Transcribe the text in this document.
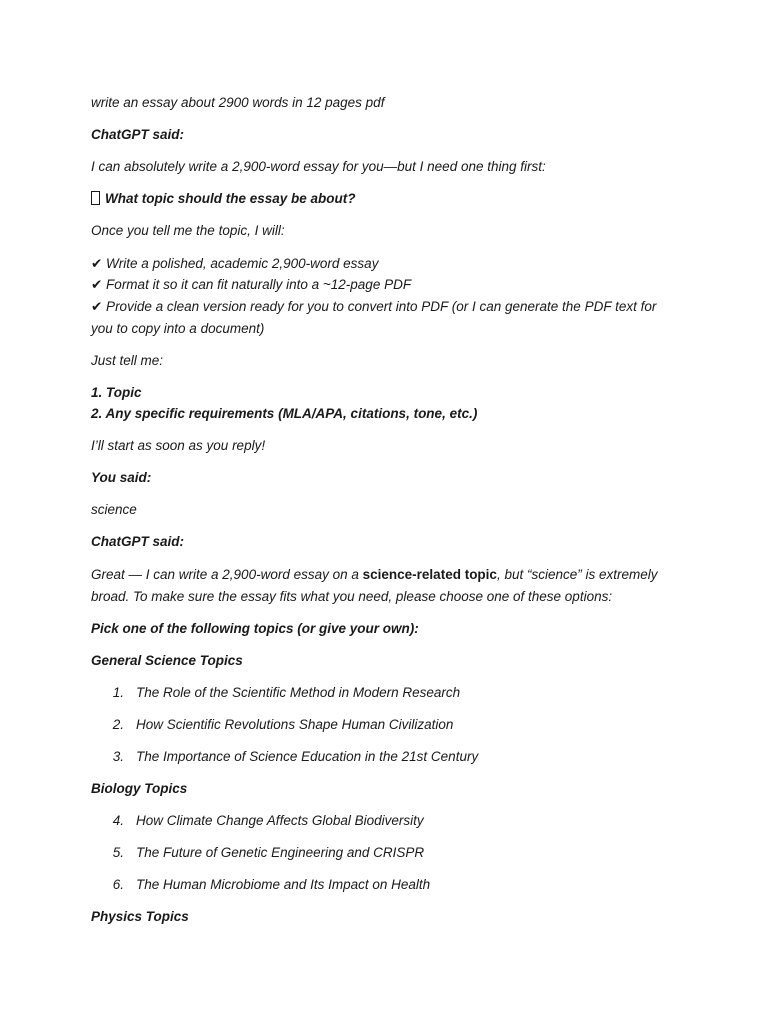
write an essay about 2900 words in 12 pages pdf
ChatGPT said:
I can absolutely write a 2,900-word essay for you—but I need one thing first:
What topic should the essay be about?
Once you tell me the topic, I will:
✔ Write a polished, academic 2,900-word essay
✔ Format it so it can fit naturally into a ~12-page PDF
✔ Provide a clean version ready for you to convert into PDF (or I can generate the PDF text for you to copy into a document)
Just tell me:
1. Topic
2. Any specific requirements (MLA/APA, citations, tone, etc.)
I’ll start as soon as you reply!
You said:
science
ChatGPT said:
Great — I can write a 2,900-word essay on a science-related topic, but “science” is extremely broad. To make sure the essay fits what you need, please choose one of these options:
Pick one of the following topics (or give your own):
General Science Topics
1. The Role of the Scientific Method in Modern Research
2. How Scientific Revolutions Shape Human Civilization
3. The Importance of Science Education in the 21st Century
Biology Topics
4. How Climate Change Affects Global Biodiversity
5. The Future of Genetic Engineering and CRISPR
6. The Human Microbiome and Its Impact on Health
Physics Topics
